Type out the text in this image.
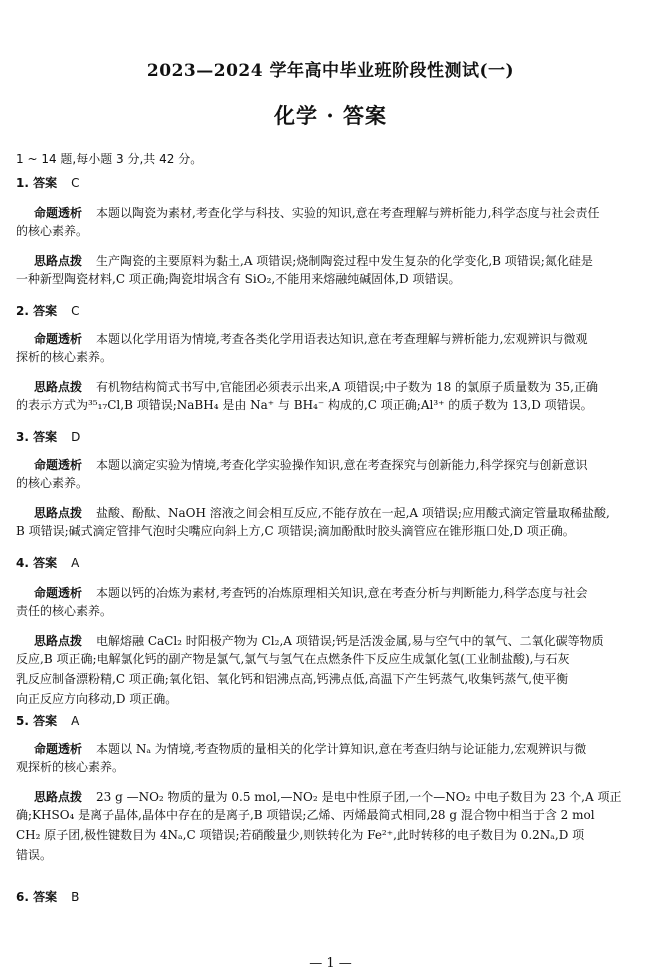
2023—2024 学年高中毕业班阶段性测试(一)
化学 · 答案
1 ~ 14 题,每小题 3 分,共 42 分。
1. 答案 C
命题透析 本题以陶瓷为素材,考查化学与科技、实验的知识,意在考查理解与辨析能力,科学态度与社会责任
的核心素养。
思路点拨 生产陶瓷的主要原料为黏土,A 项错误;烧制陶瓷过程中发生复杂的化学变化,B 项错误;氮化硅是
一种新型陶瓷材料,C 项正确;陶瓷坩埚含有 SiO₂,不能用来熔融纯碱固体,D 项错误。
2. 答案 C
命题透析 本题以化学用语为情境,考查各类化学用语表达知识,意在考查理解与辨析能力,宏观辨识与微观
探析的核心素养。
思路点拨 有机物结构简式书写中,官能团必须表示出来,A 项错误;中子数为 18 的氯原子质量数为 35,正确
的表示方式为³⁵₁₇Cl,B 项错误;NaBH₄ 是由 Na⁺ 与 BH₄⁻ 构成的,C 项正确;Al³⁺ 的质子数为 13,D 项错误。
3. 答案 D
命题透析 本题以滴定实验为情境,考查化学实验操作知识,意在考查探究与创新能力,科学探究与创新意识
的核心素养。
思路点拨 盐酸、酚酞、NaOH 溶液之间会相互反应,不能存放在一起,A 项错误;应用酸式滴定管量取稀盐酸,
B 项错误;碱式滴定管排气泡时尖嘴应向斜上方,C 项错误;滴加酚酞时胶头滴管应在锥形瓶口处,D 项正确。
4. 答案 A
命题透析 本题以钙的冶炼为素材,考查钙的冶炼原理相关知识,意在考查分析与判断能力,科学态度与社会
责任的核心素养。
思路点拨 电解熔融 CaCl₂ 时阳极产物为 Cl₂,A 项错误;钙是活泼金属,易与空气中的氧气、二氧化碳等物质
反应,B 项正确;电解氯化钙的副产物是氯气,氯气与氢气在点燃条件下反应生成氯化氢(工业制盐酸),与石灰
乳反应制备漂粉精,C 项正确;氧化铝、氧化钙和铝沸点高,钙沸点低,高温下产生钙蒸气,收集钙蒸气,使平衡
向正反应方向移动,D 项正确。
5. 答案 A
命题透析 本题以 Nₐ 为情境,考查物质的量相关的化学计算知识,意在考查归纳与论证能力,宏观辨识与微
观探析的核心素养。
思路点拨 23 g —NO₂ 物质的量为 0.5 mol,—NO₂ 是电中性原子团,一个—NO₂ 中电子数目为 23 个,A 项正
确;KHSO₄ 是离子晶体,晶体中存在的是离子,B 项错误;乙烯、丙烯最简式相同,28 g 混合物中相当于含 2 mol
CH₂ 原子团,极性键数目为 4Nₐ,C 项错误;若硝酸量少,则铁转化为 Fe²⁺,此时转移的电子数目为 0.2Nₐ,D 项
错误。
6. 答案 B
— 1 —
